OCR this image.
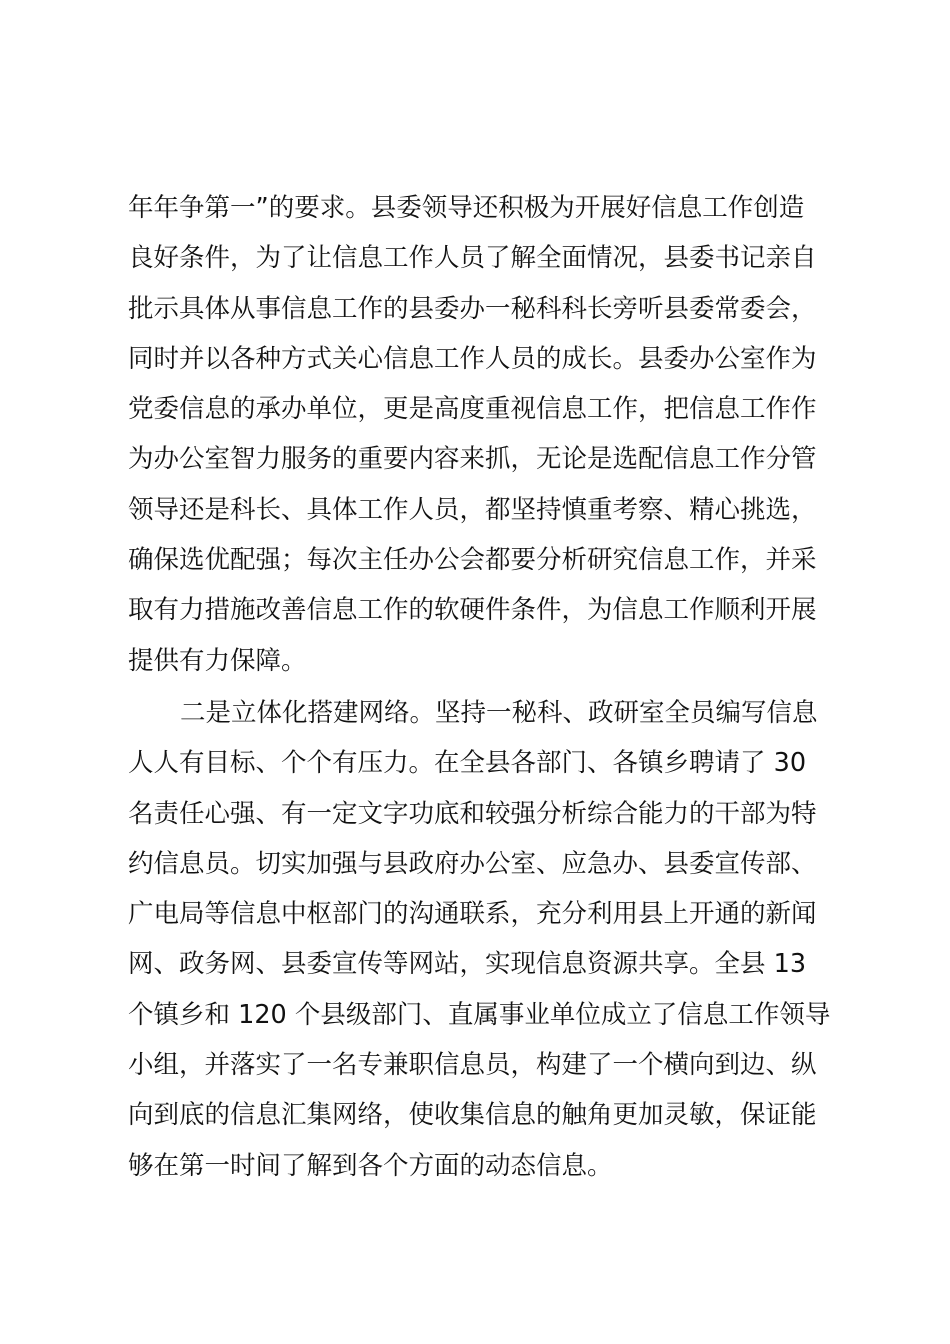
年年争第一”的要求。县委领导还积极为开展好信息工作创造
良好条件，为了让信息工作人员了解全面情况，县委书记亲自
批示具体从事信息工作的县委办一秘科科长旁听县委常委会，
同时并以各种方式关心信息工作人员的成长。县委办公室作为
党委信息的承办单位，更是高度重视信息工作，把信息工作作
为办公室智力服务的重要内容来抓，无论是选配信息工作分管
领导还是科长、具体工作人员，都坚持慎重考察、精心挑选，
确保选优配强；每次主任办公会都要分析研究信息工作，并采
取有力措施改善信息工作的软硬件条件，为信息工作顺利开展
提供有力保障。
二是立体化搭建网络。坚持一秘科、政研室全员编写信息
人人有目标、个个有压力。在全县各部门、各镇乡聘请了 30
名责任心强、有一定文字功底和较强分析综合能力的干部为特
约信息员。切实加强与县政府办公室、应急办、县委宣传部、
广电局等信息中枢部门的沟通联系，充分利用县上开通的新闻
网、政务网、县委宣传等网站，实现信息资源共享。全县 13
个镇乡和 120 个县级部门、直属事业单位成立了信息工作领导
小组，并落实了一名专兼职信息员，构建了一个横向到边、纵
向到底的信息汇集网络，使收集信息的触角更加灵敏，保证能
够在第一时间了解到各个方面的动态信息。
